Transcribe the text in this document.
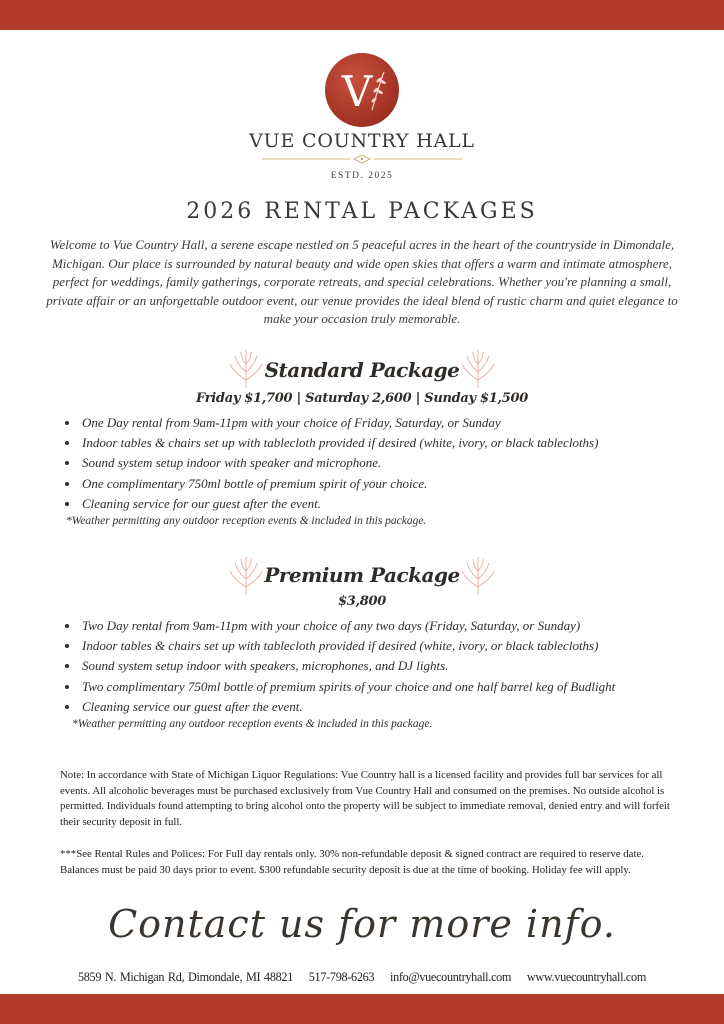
V
VUE COUNTRY HALL
ESTD. 2025
2026 RENTAL PACKAGES
Welcome to Vue Country Hall, a serene escape nestled on 5 peaceful acres in the heart of the countryside in Dimondale, Michigan. Our place is surrounded by natural beauty and wide open skies that offers a warm and intimate atmosphere, perfect for weddings, family gatherings, corporate retreats, and special celebrations. Whether you're planning a small, private affair or an unforgettable outdoor event, our venue provides the ideal blend of rustic charm and quiet elegance to make your occasion truly memorable.
Standard Package
Friday $1,700 | Saturday 2,600 | Sunday $1,500
• One Day rental from 9am-11pm with your choice of Friday, Saturday, or Sunday
• Indoor tables & chairs set up with tablecloth provided if desired (white, ivory, or black tablecloths)
• Sound system setup indoor with speaker and microphone.
• One complimentary 750ml bottle of premium spirit of your choice.
• Cleaning service for our guest after the event.
*Weather permitting any outdoor reception events & included in this package.
Premium Package
$3,800
• Two Day rental from 9am-11pm with your choice of any two days (Friday, Saturday, or Sunday)
• Indoor tables & chairs set up with tablecloth provided if desired (white, ivory, or black tablecloths)
• Sound system setup indoor with speakers, microphones, and DJ lights.
• Two complimentary 750ml bottle of premium spirits of your choice and one half barrel keg of Budlight
• Cleaning service our guest after the event.
*Weather permitting any outdoor reception events & included in this package.
Note: In accordance with State of Michigan Liquor Regulations: Vue Country hall is a licensed facility and provides full bar services for all events. All alcoholic beverages must be purchased exclusively from Vue Country Hall and consumed on the premises. No outside alcohol is permitted. Individuals found attempting to bring alcohol onto the property will be subject to immediate removal, denied entry and will forfeit their security deposit in full.
***See Rental Rules and Polices: For Full day rentals only. 30% non-refundable deposit & signed contract are required to reserve date. Balances must be paid 30 days prior to event. $300 refundable security deposit is due at the time of booking. Holiday fee will apply.
Contact us for more info.
5859 N. Michigan Rd, Dimondale, MI 48821 517-798-6263 info@vuecountryhall.com www.vuecountryhall.com
